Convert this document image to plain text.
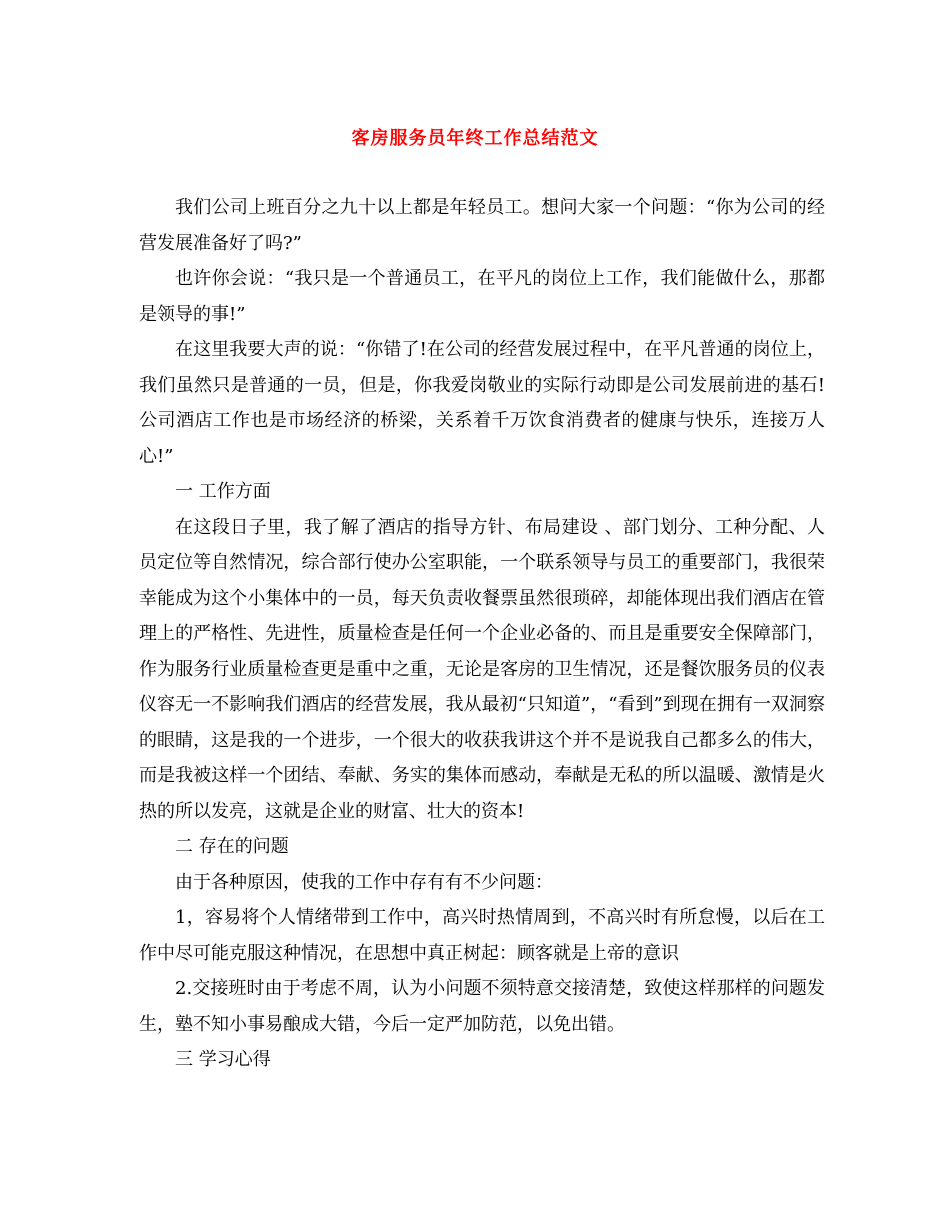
客房服务员年终工作总结范文

我们公司上班百分之九十以上都是年轻员工。想问大家一个问题：“你为公司的经营发展准备好了吗?”

也许你会说：“我只是一个普通员工，在平凡的岗位上工作，我们能做什么，那都是领导的事!”

在这里我要大声的说：“你错了!在公司的经营发展过程中，在平凡普通的岗位上，我们虽然只是普通的一员，但是，你我爱岗敬业的实际行动即是公司发展前进的基石!公司酒店工作也是市场经济的桥梁，关系着千万饮食消费者的健康与快乐，连接万人心!”

一 工作方面

在这段日子里，我了解了酒店的指导方针、布局建设 、部门划分、工种分配、人员定位等自然情况，综合部行使办公室职能，一个联系领导与员工的重要部门，我很荣幸能成为这个小集体中的一员，每天负责收餐票虽然很琐碎，却能体现出我们酒店在管理上的严格性、先进性，质量检查是任何一个企业必备的、而且是重要安全保障部门，作为服务行业质量检查更是重中之重，无论是客房的卫生情况，还是餐饮服务员的仪表仪容无一不影响我们酒店的经营发展，我从最初“只知道”，“看到”到现在拥有一双洞察的眼睛，这是我的一个进步，一个很大的收获我讲这个并不是说我自己都多么的伟大，而是我被这样一个团结、奉献、务实的集体而感动，奉献是无私的所以温暖、激情是火热的所以发亮，这就是企业的财富、壮大的资本!

二 存在的问题

由于各种原因，使我的工作中存有有不少问题：

1，容易将个人情绪带到工作中，高兴时热情周到，不高兴时有所怠慢，以后在工作中尽可能克服这种情况，在思想中真正树起：顾客就是上帝的意识

2.交接班时由于考虑不周，认为小问题不须特意交接清楚，致使这样那样的问题发生，塾不知小事易酿成大错，今后一定严加防范，以免出错。

三 学习心得
